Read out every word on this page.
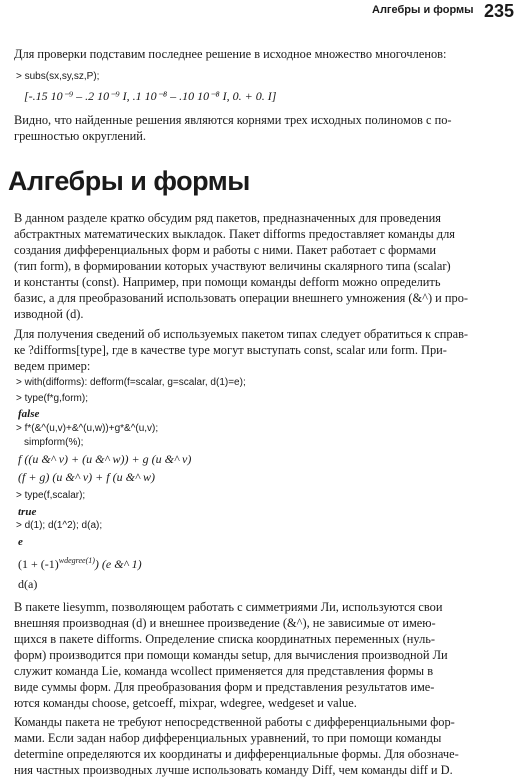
Алгебры и формы 235

Для проверки подставим последнее решение в исходное множество многочленов:

> subs(sx,sy,sz,P);
[-.15 10⁻⁹ – .2 10⁻⁹ I, .1 10⁻⁸ – .10 10⁻⁸ I, 0. + 0. I]

Видно, что найденные решения являются корнями трех исходных полиномов с по-
грешностью округлений.

Алгебры и формы

В данном разделе кратко обсудим ряд пакетов, предназначенных для проведения
абстрактных математических выкладок. Пакет difforms предоставляет команды для
создания дифференциальных форм и работы с ними. Пакет работает с формами
(тип form), в формировании которых участвуют величины скалярного типа (scalar)
и константы (const). Например, при помощи команды defform можно определить
базис, а для преобразований использовать операции внешнего умножения (&^) и про-
изводной (d).

Для получения сведений об используемых пакетом типах следует обратиться к справ-
ке ?difforms[type], где в качестве type могут выступать const, scalar или form. При-
ведем пример:

> with(difforms): defform(f=scalar, g=scalar, d(1)=e);
> type(f*g,form);
false
> f*(&^(u,v)+&^(u,w))+g*&^(u,v);
simpform(%);
f ((u &^ v) + (u &^ w)) + g (u &^ v)
(f + g) (u &^ v) + f (u &^ w)
> type(f,scalar);
true
> d(1); d(1^2); d(a);
e
$(1 + (-1)^{wdegree(1)})$ (e &^ 1)
d(a)

В пакете liesymm, позволяющем работать с симметриями Ли, используются свои
внешняя производная (d) и внешнее произведение (&^), не зависимые от имею-
щихся в пакете difforms. Определение списка координатных переменных (нуль-
форм) производится при помощи команды setup, для вычисления производной Ли
служит команда Lie, команда wcollect применяется для представления формы в
виде суммы форм. Для преобразования форм и представления результатов име-
ются команды choose, getcoeff, mixpar, wdegree, wedgeset и value.

Команды пакета не требуют непосредственной работы с дифференциальными фор-
мами. Если задан набор дифференциальных уравнений, то при помощи команды
determine определяются их координаты и дифференциальные формы. Для обозначе-
ния частных производных лучше использовать команду Diff, чем команды diff и D.
